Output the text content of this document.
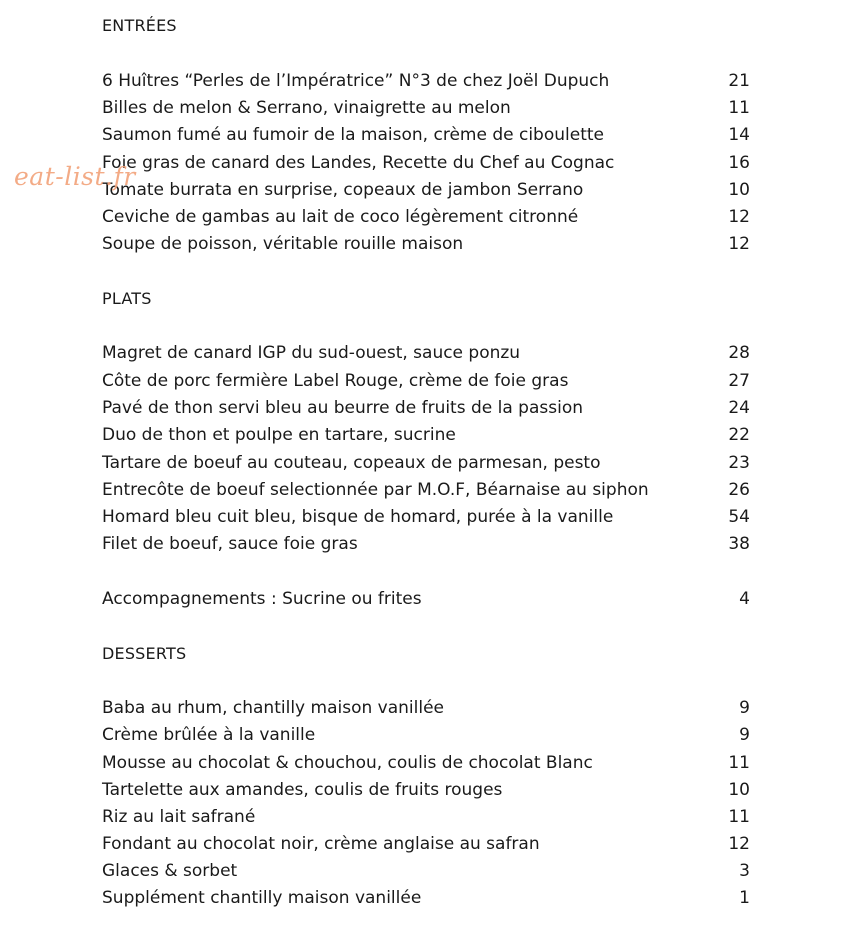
ENTRÉES
6 Huîtres “Perles de l’Impératrice” N°3 de chez Joël Dupuch	21
Billes de melon & Serrano, vinaigrette au melon	11
Saumon fumé au fumoir de la maison, crème de ciboulette	14
Foie gras de canard des Landes, Recette du Chef au Cognac	16
Tomate burrata en surprise, copeaux de jambon Serrano	10
Ceviche de gambas au lait de coco légèrement citronné	12
Soupe de poisson, véritable rouille maison	12
PLATS
Magret de canard IGP du sud-ouest, sauce ponzu	28
Côte de porc fermière Label Rouge, crème de foie gras	27
Pavé de thon servi bleu au beurre de fruits de la passion	24
Duo de thon et poulpe en tartare, sucrine	22
Tartare de boeuf au couteau, copeaux de parmesan, pesto	23
Entrecôte de boeuf selectionnée par M.O.F, Béarnaise au siphon	26
Homard bleu cuit bleu, bisque de homard, purée à la vanille	54
Filet de boeuf, sauce foie gras	38
Accompagnements : Sucrine ou frites	4
DESSERTS
Baba au rhum, chantilly maison vanillée	9
Crème brûlée à la vanille	9
Mousse au chocolat & chouchou, coulis de chocolat Blanc	11
Tartelette aux amandes, coulis de fruits rouges	10
Riz au lait safrané	11
Fondant au chocolat noir, crème anglaise au safran	12
Glaces & sorbet	3
Supplément chantilly maison vanillée	1
eat-list.fr
